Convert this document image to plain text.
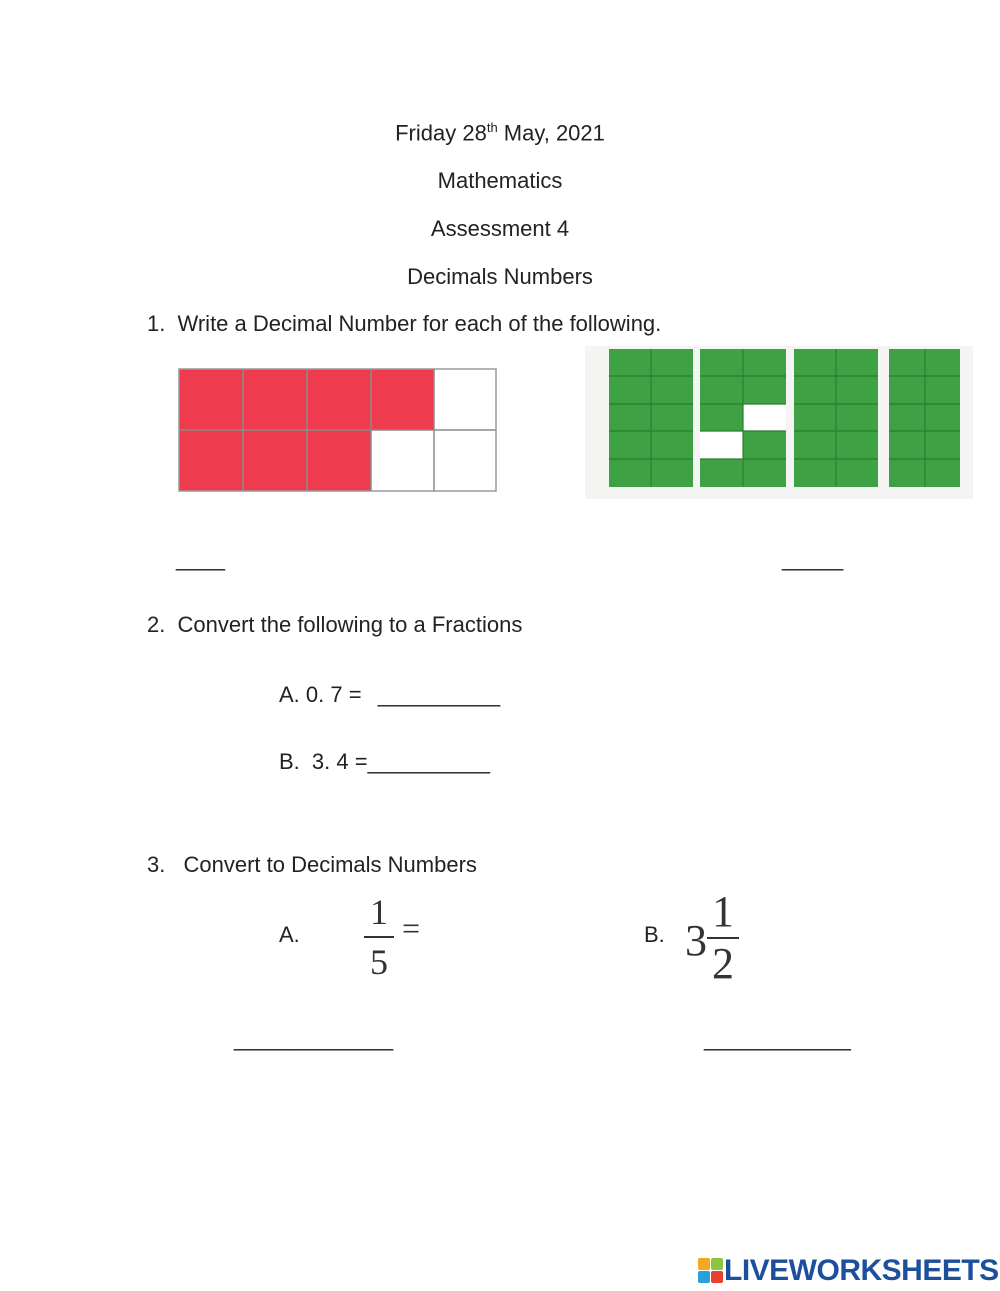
Friday 28th May, 2021
Mathematics
Assessment 4
Decimals Numbers
1. Write a Decimal Number for each of the following.
____	_____
2. Convert the following to a Fractions
A. 0. 7 = __________
B. 3. 4 =__________
3. Convert to Decimals Numbers
A.
1
5
=	B. 3
1
2
_____________	____________
LIVEWORKSHEETS
